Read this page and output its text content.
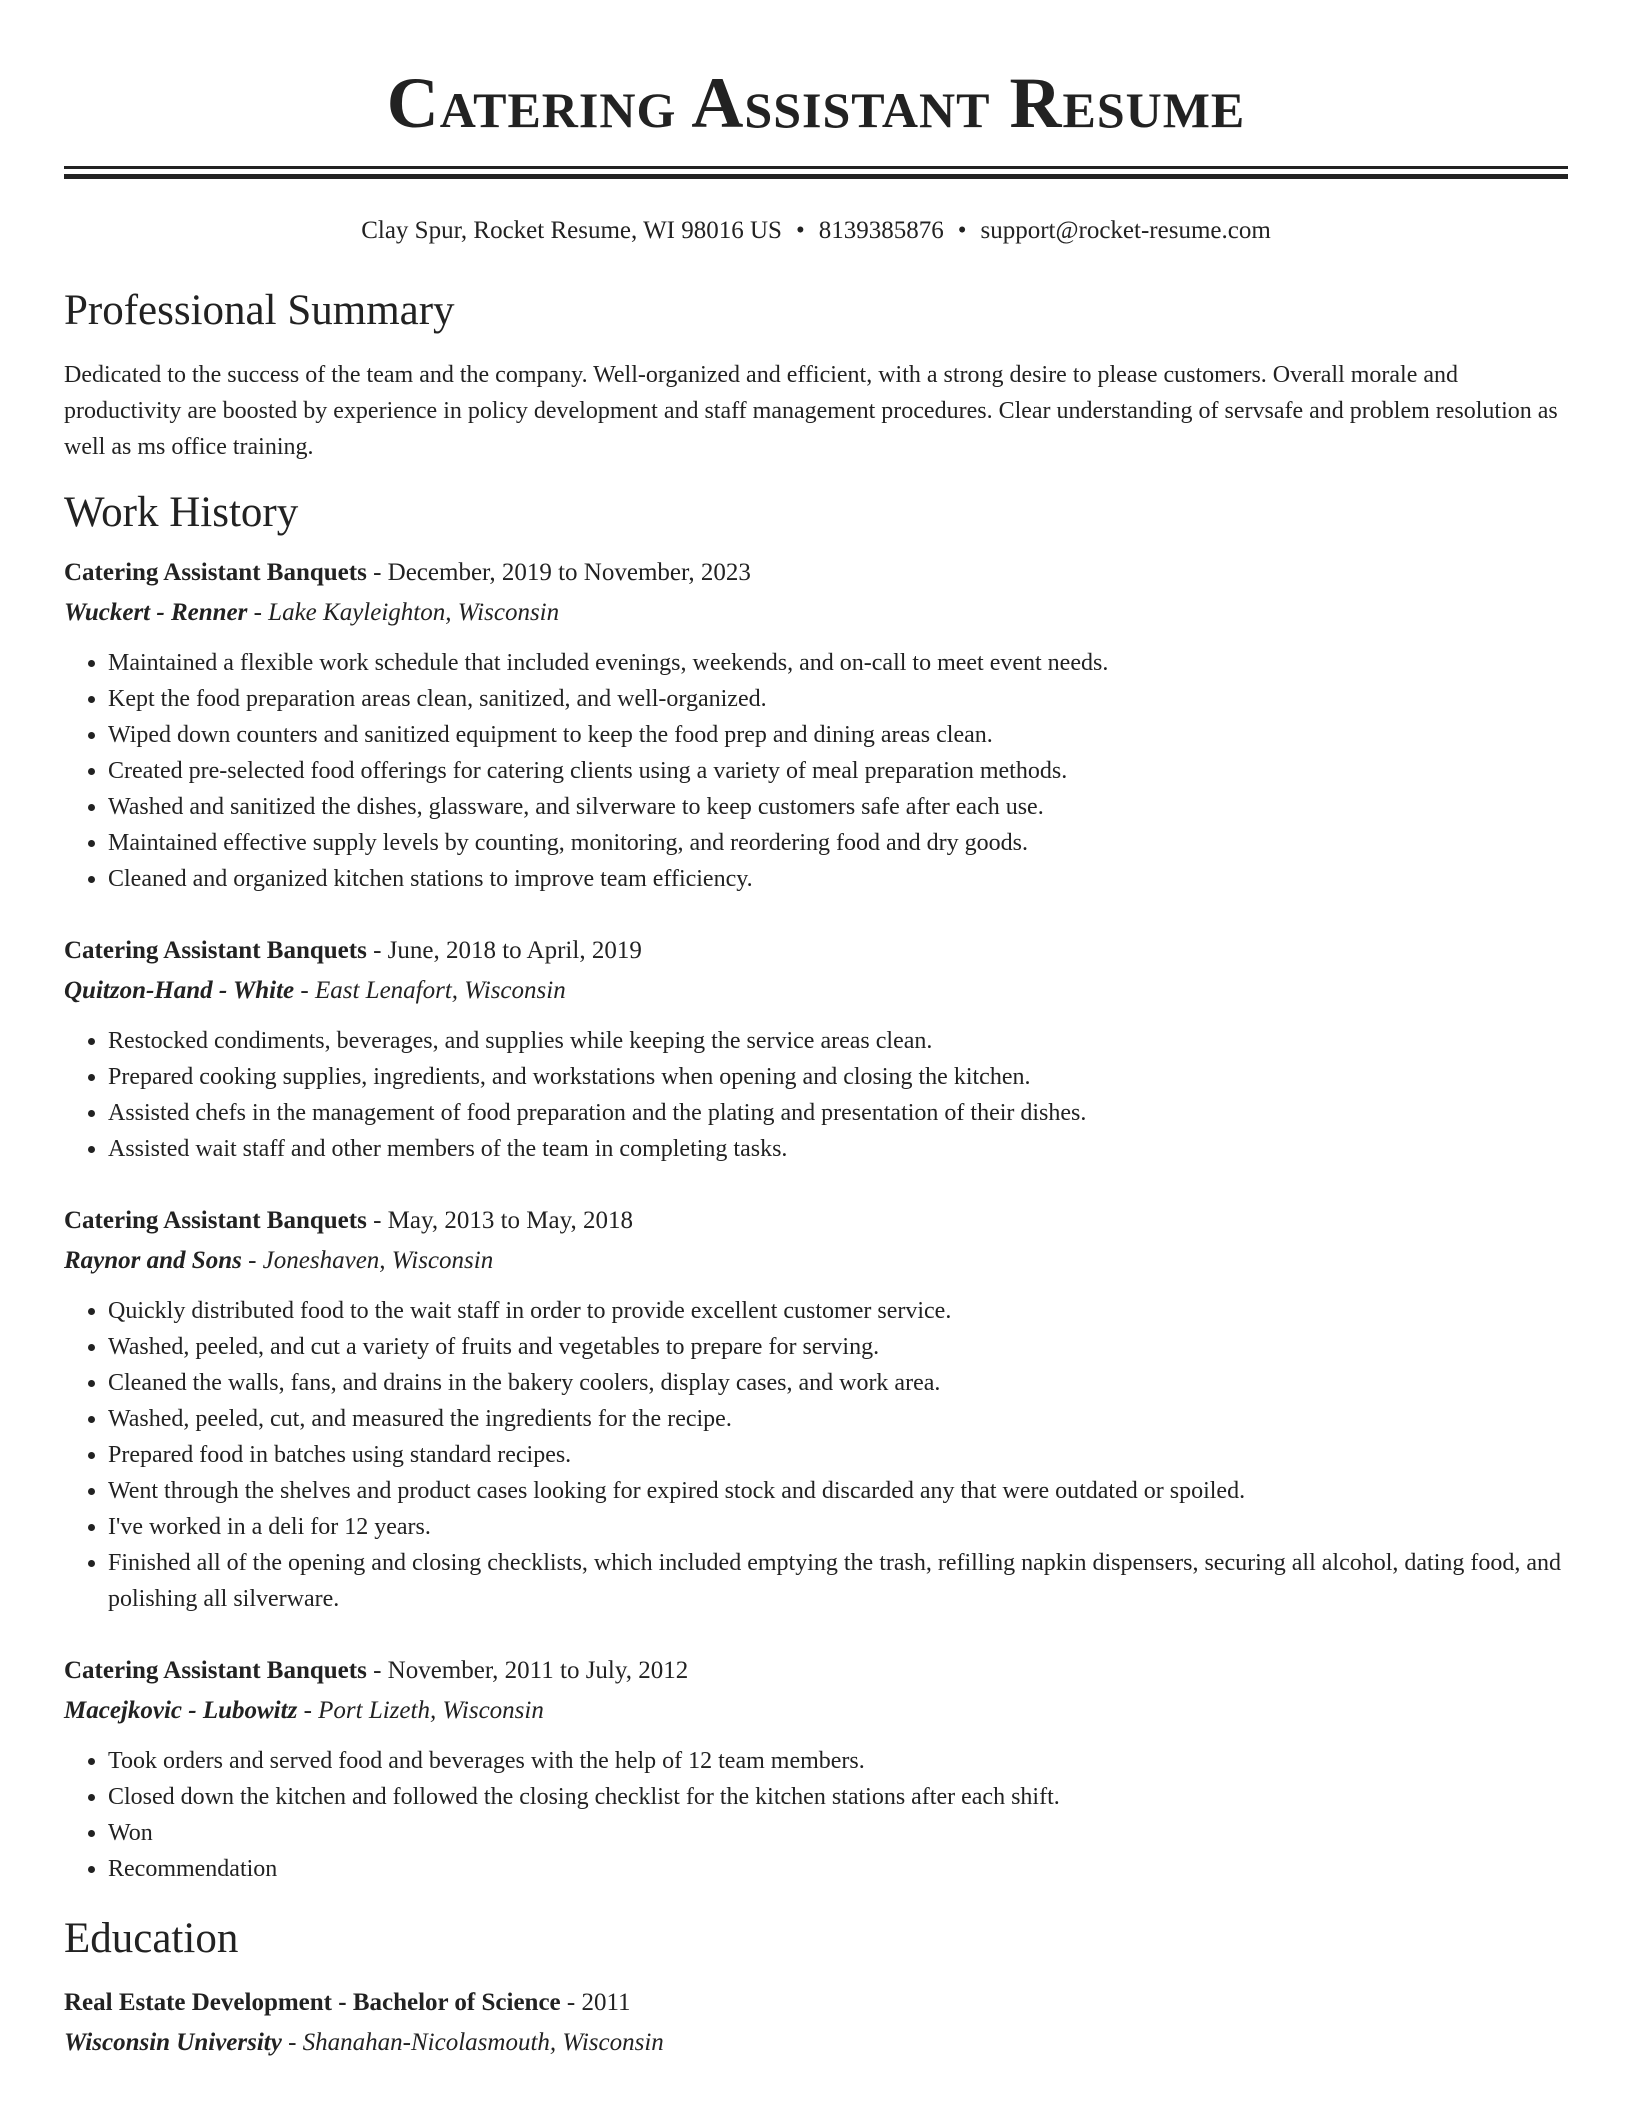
Catering Assistant Resume
Clay Spur, Rocket Resume, WI 98016 US • 8139385876 • support@rocket-resume.com
Professional Summary

Dedicated to the success of the team and the company. Well-organized and efficient, with a strong desire to please customers. Overall morale and productivity are boosted by experience in policy development and staff management procedures. Clear understanding of servsafe and problem resolution as well as ms office training.

Work History
Catering Assistant Banquets - December, 2019 to November, 2023
Wuckert - Renner - Lake Kayleighton, Wisconsin
• Maintained a flexible work schedule that included evenings, weekends, and on-call to meet event needs.
• Kept the food preparation areas clean, sanitized, and well-organized.
• Wiped down counters and sanitized equipment to keep the food prep and dining areas clean.
• Created pre-selected food offerings for catering clients using a variety of meal preparation methods.
• Washed and sanitized the dishes, glassware, and silverware to keep customers safe after each use.
• Maintained effective supply levels by counting, monitoring, and reordering food and dry goods.
• Cleaned and organized kitchen stations to improve team efficiency.
Catering Assistant Banquets - June, 2018 to April, 2019
Quitzon-Hand - White - East Lenafort, Wisconsin
• Restocked condiments, beverages, and supplies while keeping the service areas clean.
• Prepared cooking supplies, ingredients, and workstations when opening and closing the kitchen.
• Assisted chefs in the management of food preparation and the plating and presentation of their dishes.
• Assisted wait staff and other members of the team in completing tasks.
Catering Assistant Banquets - May, 2013 to May, 2018
Raynor and Sons - Joneshaven, Wisconsin
• Quickly distributed food to the wait staff in order to provide excellent customer service.
• Washed, peeled, and cut a variety of fruits and vegetables to prepare for serving.
• Cleaned the walls, fans, and drains in the bakery coolers, display cases, and work area.
• Washed, peeled, cut, and measured the ingredients for the recipe.
• Prepared food in batches using standard recipes.
• Went through the shelves and product cases looking for expired stock and discarded any that were outdated or spoiled.
• I've worked in a deli for 12 years.
• Finished all of the opening and closing checklists, which included emptying the trash, refilling napkin dispensers, securing all alcohol, dating food, and polishing all silverware.
Catering Assistant Banquets - November, 2011 to July, 2012
Macejkovic - Lubowitz - Port Lizeth, Wisconsin
• Took orders and served food and beverages with the help of 12 team members.
• Closed down the kitchen and followed the closing checklist for the kitchen stations after each shift.
• Won
• Recommendation
Education
Real Estate Development - Bachelor of Science - 2011
Wisconsin University - Shanahan-Nicolasmouth, Wisconsin
